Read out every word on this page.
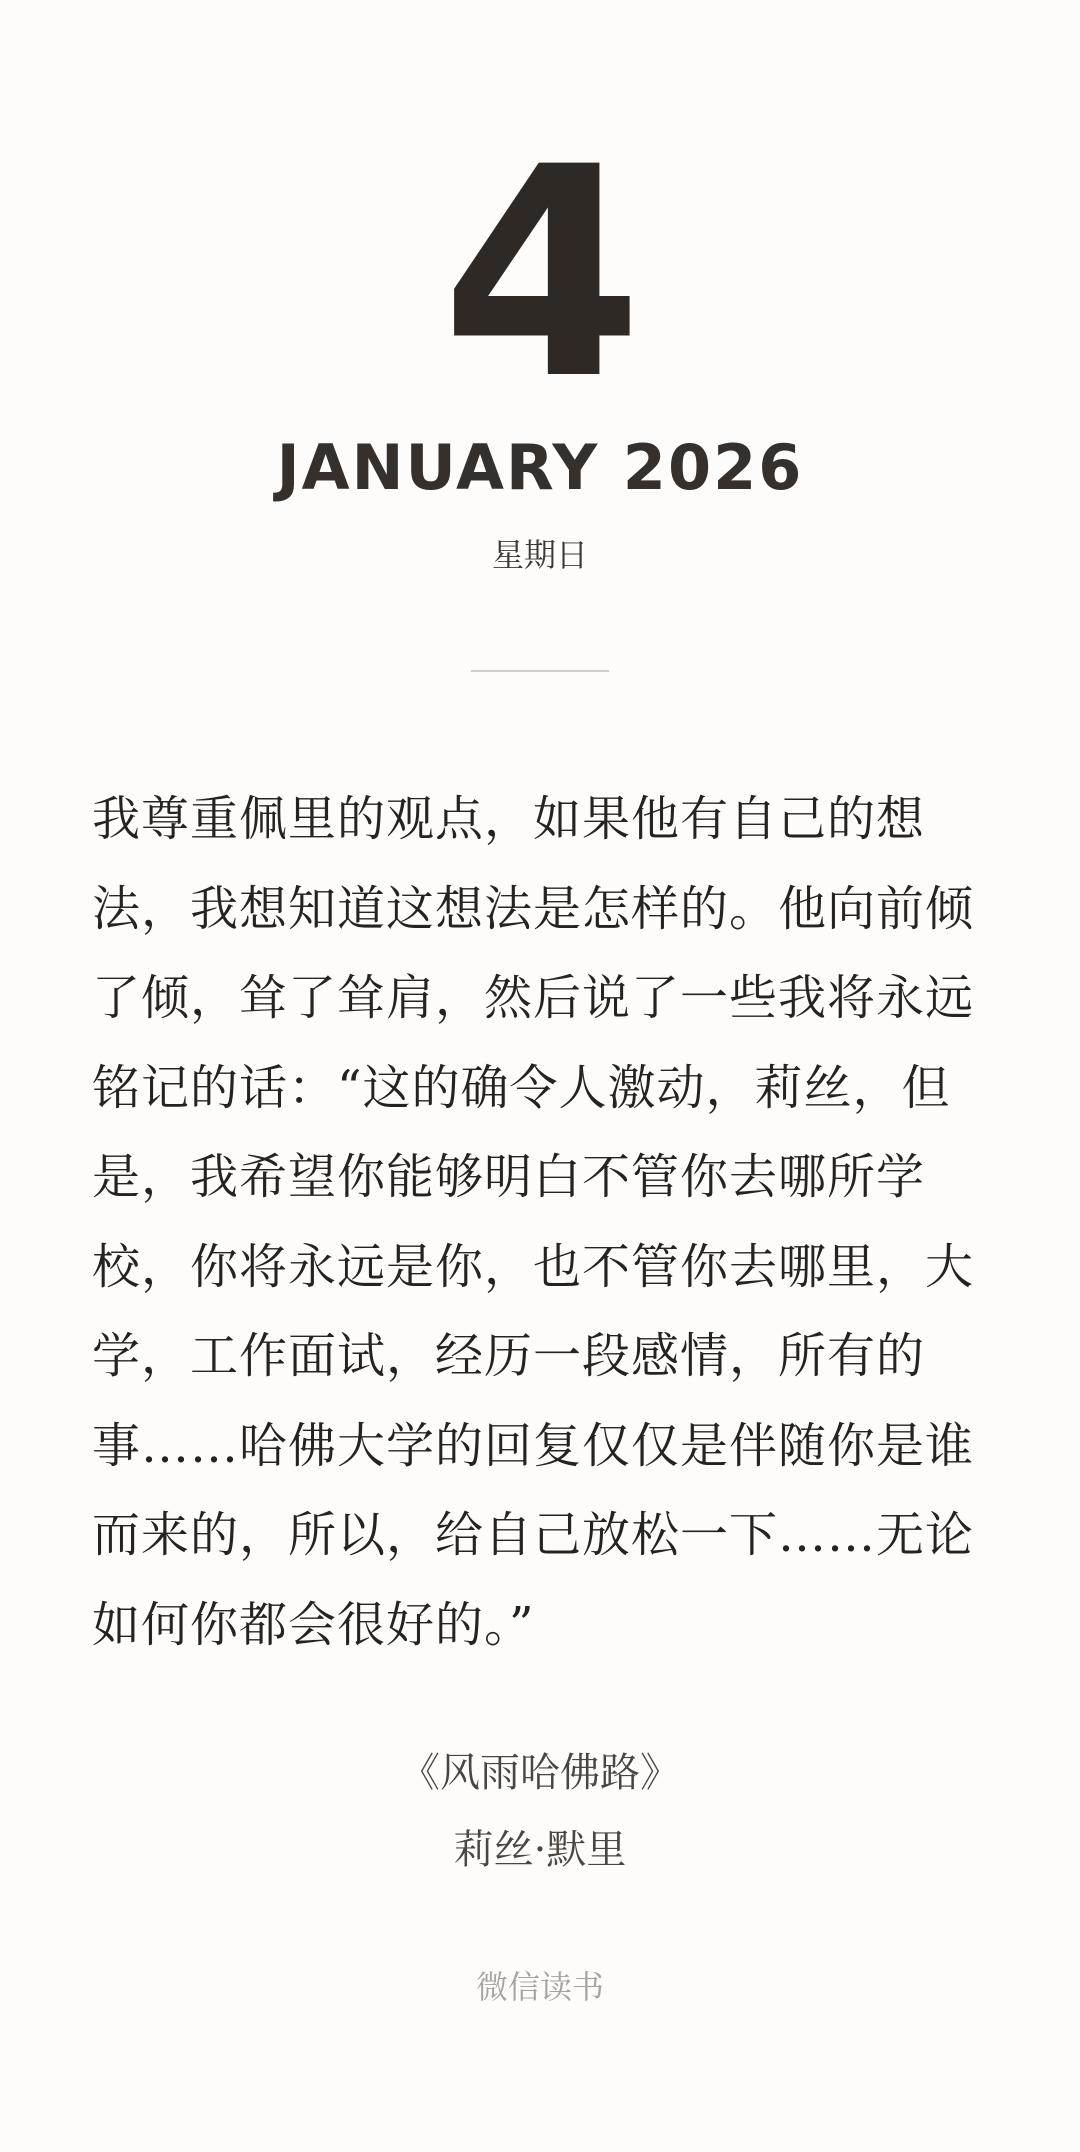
4
JANUARY 2026
星期日
我尊重佩里的观点，如果他有自己的想法，我想知道这想法是怎样的。他向前倾了倾，耸了耸肩，然后说了一些我将永远铭记的话：“这的确令人激动，莉丝，但是，我希望你能够明白不管你去哪所学校，你将永远是你，也不管你去哪里，大学，工作面试，经历一段感情，所有的事……哈佛大学的回复仅仅是伴随你是谁而来的，所以，给自己放松一下……无论如何你都会很好的。”
《风雨哈佛路》
莉丝·默里
微信读书
